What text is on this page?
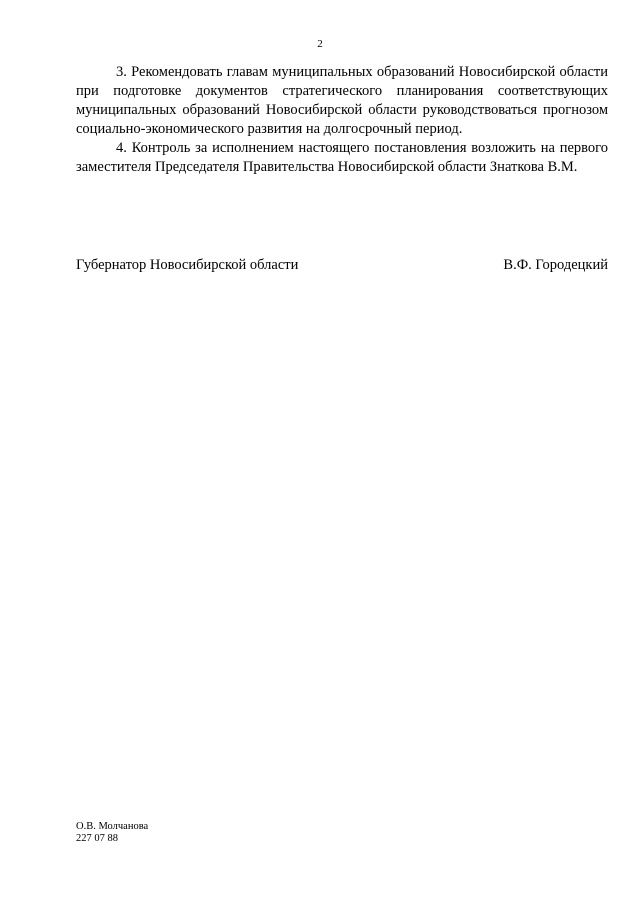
2

3. Рекомендовать главам муниципальных образований Новосибирской области при подготовке документов стратегического планирования соответствующих муниципальных образований Новосибирской области руководствоваться прогнозом социально-экономического развития на долгосрочный период.

4. Контроль за исполнением настоящего постановления возложить на первого заместителя Председателя Правительства Новосибирской области Знаткова В.М.

Губернатор Новосибирской области	В.Ф. Городецкий
О.В. Молчанова
227 07 88
